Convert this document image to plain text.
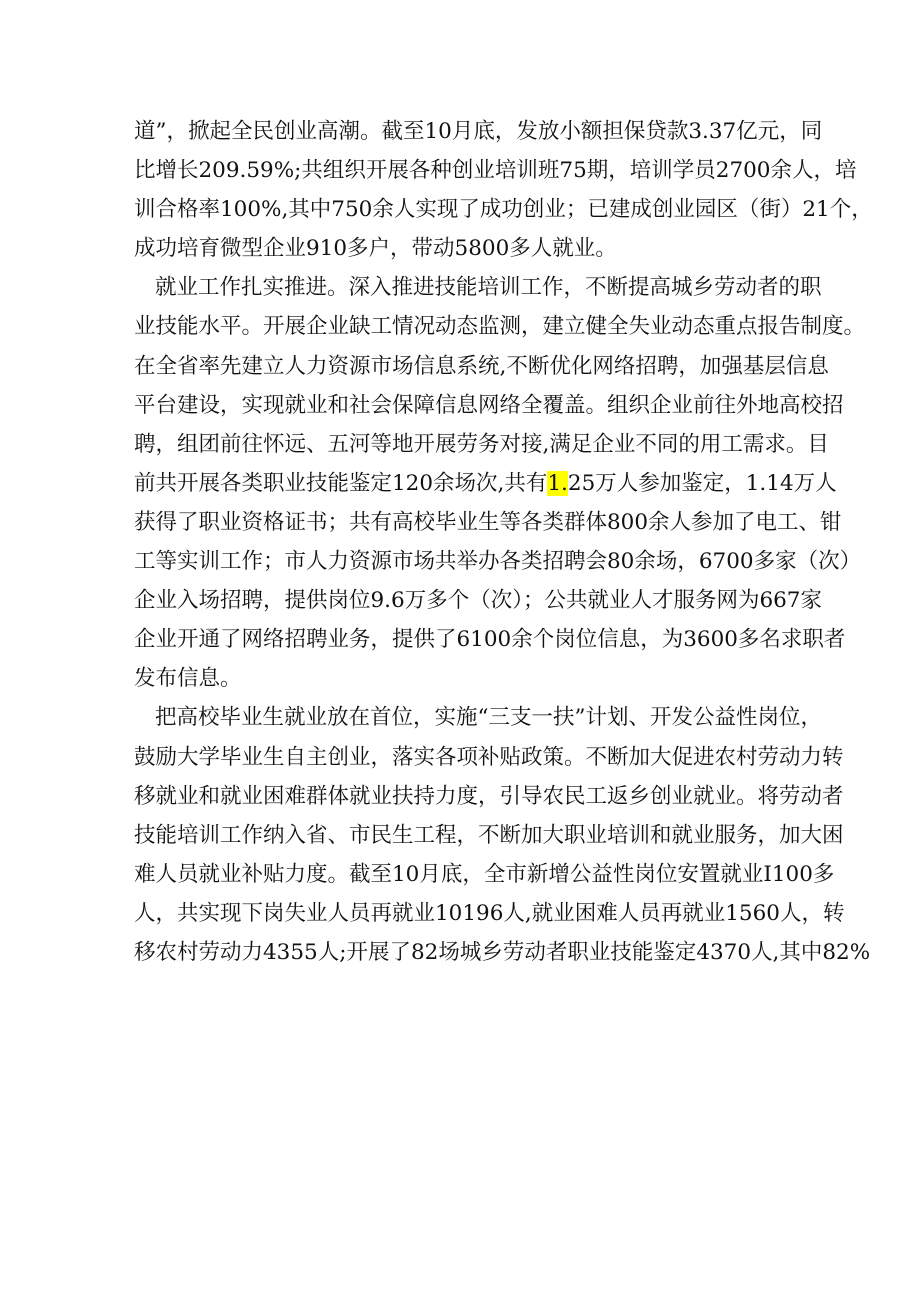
道”，掀起全民创业高潮。截至10月底，发放小额担保贷款3.37亿元，同
比增长209.59%;共组织开展各种创业培训班75期，培训学员2700余人，培
训合格率100%,其中750余人实现了成功创业；已建成创业园区（街）21个，
成功培育微型企业910多户，带动5800多人就业。
就业工作扎实推进。深入推进技能培训工作，不断提高城乡劳动者的职
业技能水平。开展企业缺工情况动态监测，建立健全失业动态重点报告制度。
在全省率先建立人力资源市场信息系统,不断优化网络招聘，加强基层信息
平台建设，实现就业和社会保障信息网络全覆盖。组织企业前往外地高校招
聘，组团前往怀远、五河等地开展劳务对接,满足企业不同的用工需求。目
前共开展各类职业技能鉴定120余场次,共有1.25万人参加鉴定，1.14万人
获得了职业资格证书；共有高校毕业生等各类群体800余人参加了电工、钳
工等实训工作；市人力资源市场共举办各类招聘会80余场，6700多家（次）
企业入场招聘，提供岗位9.6万多个（次）；公共就业人才服务网为667家
企业开通了网络招聘业务，提供了6100余个岗位信息，为3600多名求职者
发布信息。
把高校毕业生就业放在首位，实施“三支一扶”计划、开发公益性岗位，
鼓励大学毕业生自主创业，落实各项补贴政策。不断加大促进农村劳动力转
移就业和就业困难群体就业扶持力度，引导农民工返乡创业就业。将劳动者
技能培训工作纳入省、市民生工程，不断加大职业培训和就业服务，加大困
难人员就业补贴力度。截至10月底，全市新增公益性岗位安置就业I100多
人，共实现下岗失业人员再就业10196人,就业困难人员再就业1560人，转
移农村劳动力4355人;开展了82场城乡劳动者职业技能鉴定4370人,其中82%
